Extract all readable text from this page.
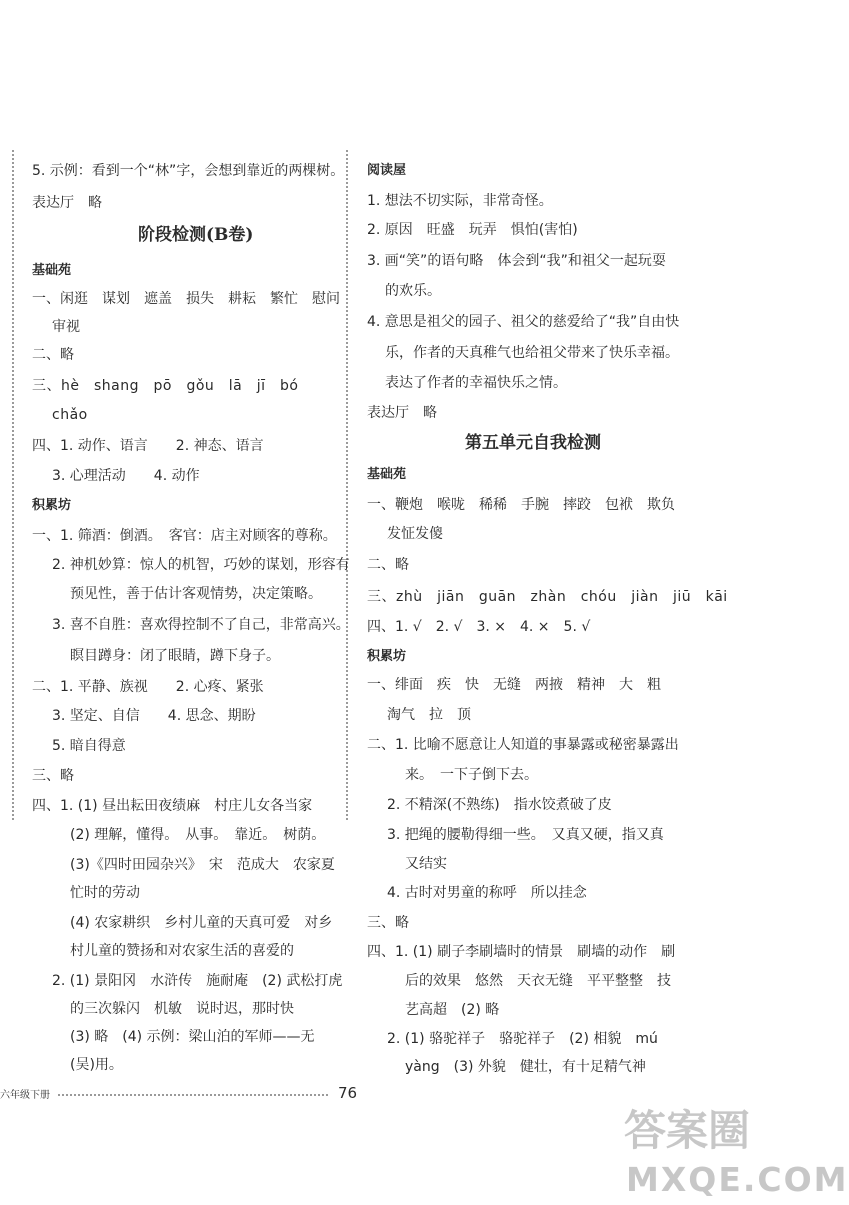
5. 示例：看到一个“林”字，会想到靠近的两棵树。
表达厅　略
阶段检测(B卷)
基础苑
一、闲逛　谋划　遮盖　损失　耕耘　繁忙　慰问
审视
二、略
三、hè　shang　pō　gǒu　lā　jī　bó
chǎo
四、1. 动作、语言　　2. 神态、语言
3. 心理活动　　4. 动作
积累坊
一、1. 筛酒：倒酒。　客官：店主对顾客的尊称。
2. 神机妙算：惊人的机智，巧妙的谋划，形容有
预见性，善于估计客观情势，决定策略。
3. 喜不自胜：喜欢得控制不了自己，非常高兴。
瞑目蹲身：闭了眼睛，蹲下身子。
二、1. 平静、族视　　2. 心疼、紧张
3. 坚定、自信　　4. 思念、期盼
5. 暗自得意
三、略
四、1. (1) 昼出耘田夜绩麻　村庄儿女各当家
(2) 理解，懂得。　从事。　靠近。　树荫。
(3)《四时田园杂兴》　宋　范成大　农家夏
忙时的劳动
(4) 农家耕织　乡村儿童的天真可爱　对乡
村儿童的赞扬和对农家生活的喜爱的
2. (1) 景阳冈　水浒传　施耐庵　(2) 武松打虎
的三次躲闪　机敏　说时迟，那时快
(3) 略　(4) 示例：梁山泊的军师——无
(吴)用。
阅读屋
1. 想法不切实际，非常奇怪。
2. 原因　旺盛　玩弄　惧怕(害怕)
3. 画“笑”的语句略　体会到“我”和祖父一起玩耍
的欢乐。
4. 意思是祖父的园子、祖父的慈爱给了“我”自由快
乐，作者的天真稚气也给祖父带来了快乐幸福。
表达了作者的幸福快乐之情。
表达厅　略
第五单元自我检测
基础苑
一、鞭炮　喉咙　稀稀　手腕　摔跤　包袱　欺负
发怔发傻
二、略
三、zhù　jiān　guān　zhàn　chóu　jiàn　jiū　kāi
四、1. √　2. √　3. ×　4. ×　5. √
积累坊
一、绯面　疾　快　无缝　两掖　精神　大　粗
淘气　拉　顶
二、1. 比喻不愿意让人知道的事暴露或秘密暴露出
来。　一下子倒下去。
2. 不精深(不熟练)　指水饺煮破了皮
3. 把绳的腰勒得细一些。　又真又硬，指又真
又结实
4. 古时对男童的称呼　所以挂念
三、略
四、1. (1) 刷子李刷墙时的情景　刷墙的动作　刷
后的效果　悠然　天衣无缝　平平整整　技
艺高超　(2) 略
2. (1) 骆驼祥子　骆驼祥子　(2) 相貌　mú
yàng　(3) 外貌　健壮，有十足精气神
六年级下册	76
答案圈
MXQE.COM
